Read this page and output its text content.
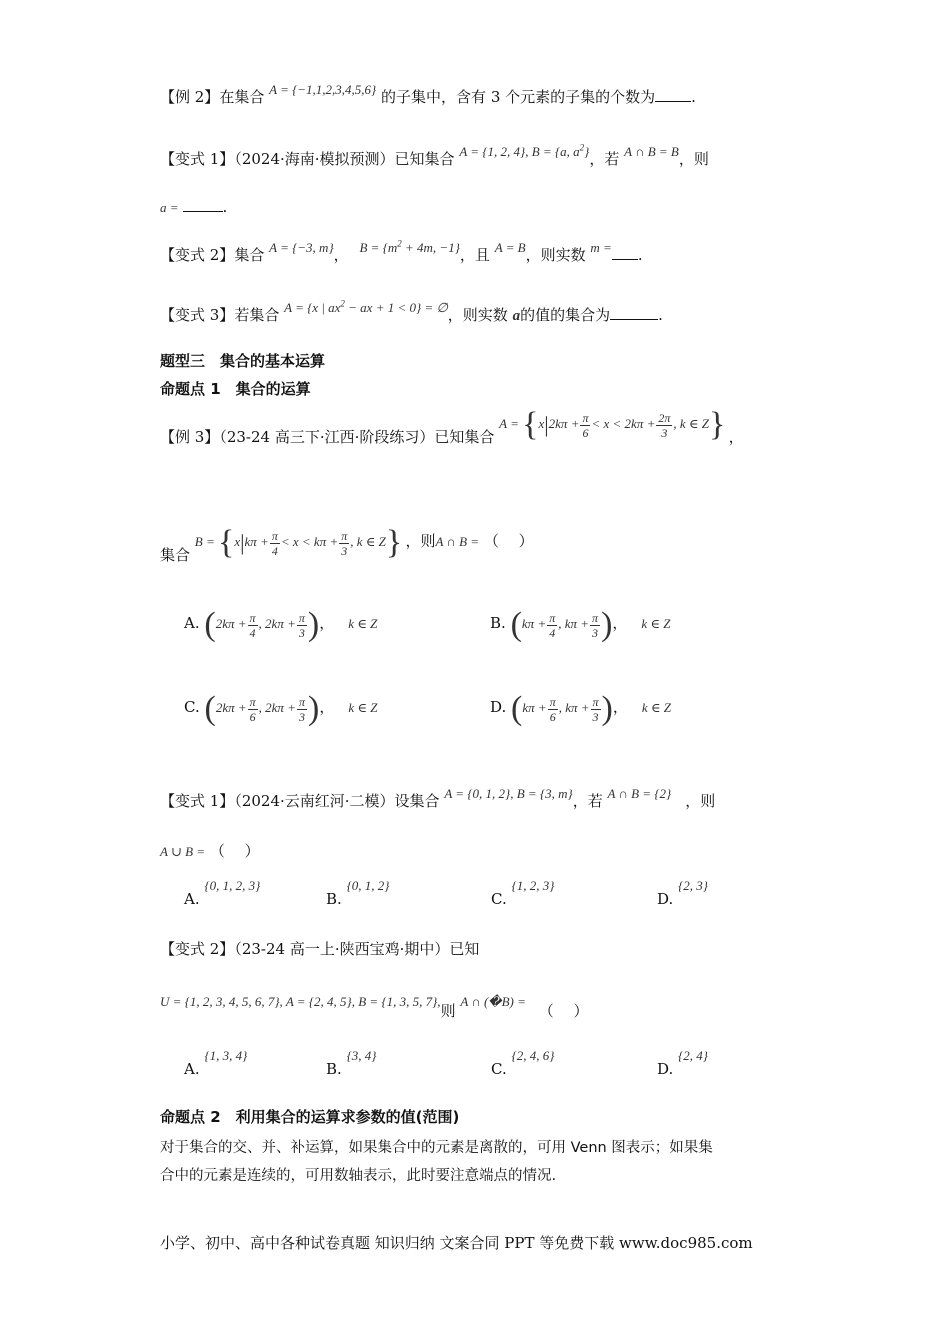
【例 2】在集合 A = {−1,1,2,3,4,5,6} 的子集中，含有 3 个元素的子集的个数为 .
【变式 1】（2024·海南·模拟预测）已知集合 A = {1, 2, 4}, B = {a, $a^2$}，若 A ∩ B = B，则
a =	.
【变式 2】集合 A = {−3, m}， $B = \{m^2 + 4m$, −1}，且 A = B，则实数 m = .
【变式 3】若集合 A = {x | $ax^2$ − ax + 1 < 0} = ∅，则实数 a的值的集合为	.
题型三　集合的基本运算
命题点 1　集合的运算
【例 3】（23-24 高三下·江西·阶段练习）已知集合 $A = \{x|2k\pi + \frac{\pi}{6} < x < 2k\pi + \frac{2\pi}{3}$ , k ∈ Z} ，
集合 $B = \{x|k\pi + \frac{\pi}{4} < x < k\pi + \frac{\pi}{3}$ , k ∈ Z} ，则A ∩ B = （　 ）
A. ($2k\pi + \frac{\pi}{4}$ , $2k\pi + \frac{\pi}{3}$ )， k ∈ Z	B. ($k\pi + \frac{\pi}{4}$ , $k\pi + \frac{\pi}{3}$ )， k ∈ Z
C. ($2k\pi + \frac{\pi}{6}$ , $2k\pi + \frac{\pi}{3}$ )， k ∈ Z	D. ($k\pi + \frac{\pi}{6}$ , $k\pi + \frac{\pi}{3}$ )， k ∈ Z
【变式 1】（2024·云南红河·二模）设集合 A = {0, 1, 2}, B = {3, m}，若 A ∩ B = {2} ，则
A ∪ B = （　 ）
A. {0, 1, 2, 3}
B. {0, 1, 2}
C. {1, 2, 3}
D. {2, 3}
【变式 2】（23-24 高一上·陕西宝鸡·期中）已知
U = {1, 2, 3, 4, 5, 6, 7}, A = {2, 4, 5}, B = {1, 3, 5, 7},则 A ∩ (�B) = （　 ）
A. {1, 3, 4}
B. {3, 4}
C. {2, 4, 6}
D. {2, 4}
命题点 2　利用集合的运算求参数的值(范围)
对于集合的交、并、补运算，如果集合中的元素是离散的，可用 Venn 图表示；如果集
合中的元素是连续的，可用数轴表示，此时要注意端点的情况.
小学、初中、高中各种试卷真题 知识归纳 文案合同 PPT 等免费下载 www.doc985.com
